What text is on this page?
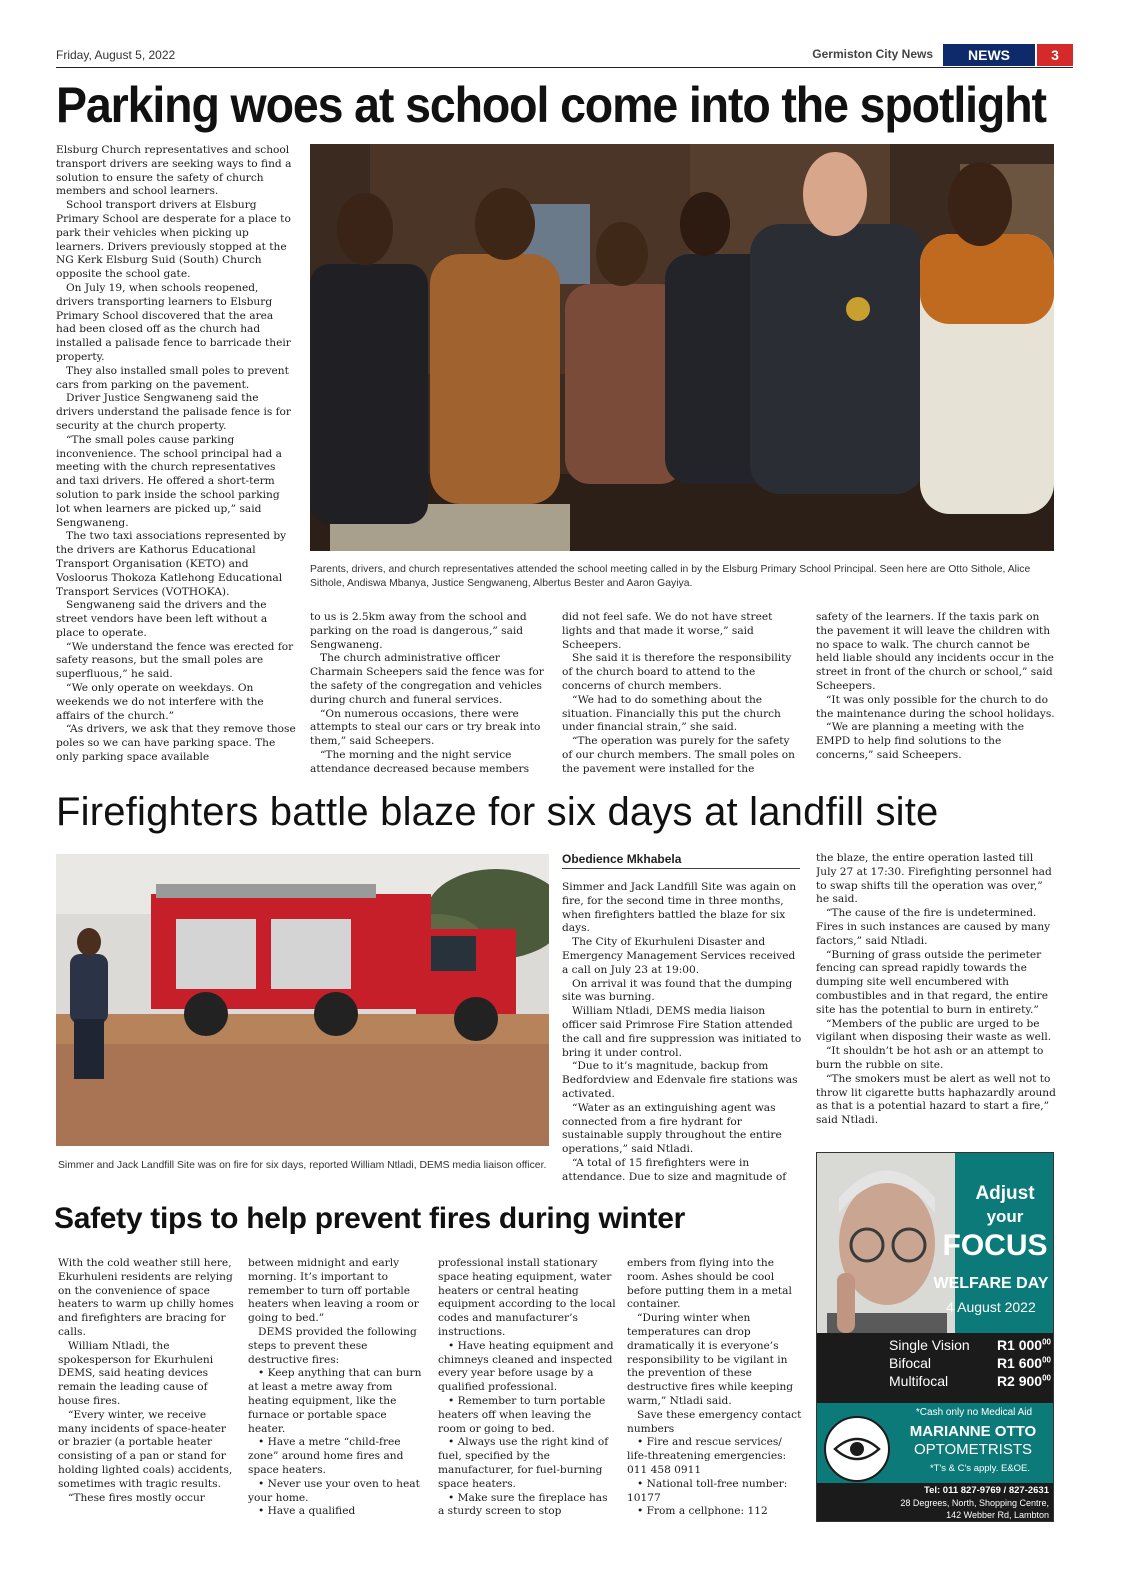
Friday, August 5, 2022	Germiston City News	NEWS	3
Parking woes at school come into the spotlight

Elsburg Church representatives and school transport drivers are seeking ways to find a solution to ensure the safety of church members and school learners.

School transport drivers at Elsburg Primary School are desperate for a place to park their vehicles when picking up learners. Drivers previously stopped at the NG Kerk Elsburg Suid (South) Church opposite the school gate.

On July 19, when schools reopened, drivers transporting learners to Elsburg Primary School discovered that the area had been closed off as the church had installed a palisade fence to barricade their property.

They also installed small poles to prevent cars from parking on the pavement.

Driver Justice Sengwaneng said the drivers understand the palisade fence is for security at the church property.

“The small poles cause parking inconvenience. The school principal had a meeting with the church representatives and taxi drivers. He offered a short-term solution to park inside the school parking lot when learners are picked up,” said Sengwaneng.

The two taxi associations represented by the drivers are Kathorus Educational Transport Organisation (KETO) and Vosloorus Thokoza Katlehong Educational Transport Services (VOTHOKA).

Sengwaneng said the drivers and the street vendors have been left without a place to operate.

“We understand the fence was erected for safety reasons, but the small poles are superfluous,” he said.

“We only operate on weekdays. On weekends we do not interfere with the affairs of the church.”

“As drivers, we ask that they remove those poles so we can have parking space. The only parking space available

Parents, drivers, and church representatives attended the school meeting called in by the Elsburg Primary School Principal. Seen here are Otto Sithole, Alice Sithole, Andiswa Mbanya, Justice Sengwaneng, Albertus Bester and Aaron Gayiya.

to us is 2.5km away from the school and parking on the road is dangerous,” said Sengwaneng.

The church administrative officer Charmain Scheepers said the fence was for the safety of the congregation and vehicles during church and funeral services.

“On numerous occasions, there were attempts to steal our cars or try break into them,” said Scheepers.

“The morning and the night service attendance decreased because members

did not feel safe. We do not have street lights and that made it worse,” said Scheepers.

She said it is therefore the responsibility of the church board to attend to the concerns of church members.

“We had to do something about the situation. Financially this put the church under financial strain,” she said.

“The operation was purely for the safety of our church members. The small poles on the pavement were installed for the

safety of the learners. If the taxis park on the pavement it will leave the children with no space to walk. The church cannot be held liable should any incidents occur in the street in front of the church or school,” said Scheepers.

“It was only possible for the church to do the maintenance during the school holidays.

“We are planning a meeting with the EMPD to help find solutions to the concerns,” said Scheepers.

Firefighters battle blaze for six days at landfill site
Simmer and Jack Landfill Site was on fire for six days, reported William Ntladi, DEMS media liaison officer.
Obedience Mkhabela

Simmer and Jack Landfill Site was again on fire, for the second time in three months, when firefighters battled the blaze for six days.

The City of Ekurhuleni Disaster and Emergency Management Services received a call on July 23 at 19:00.

On arrival it was found that the dumping site was burning.

William Ntladi, DEMS media liaison officer said Primrose Fire Station attended the call and fire suppression was initiated to bring it under control.

“Due to it’s magnitude, backup from Bedfordview and Edenvale fire stations was activated.

“Water as an extinguishing agent was connected from a fire hydrant for sustainable supply throughout the entire operations,” said Ntladi.

“A total of 15 firefighters were in attendance. Due to size and magnitude of

the blaze, the entire operation lasted till July 27 at 17:30. Firefighting personnel had to swap shifts till the operation was over,” he said.

“The cause of the fire is undetermined. Fires in such instances are caused by many factors,” said Ntladi.

“Burning of grass outside the perimeter fencing can spread rapidly towards the dumping site well encumbered with combustibles and in that regard, the entire site has the potential to burn in entirety.”

“Members of the public are urged to be vigilant when disposing their waste as well.

“It shouldn’t be hot ash or an attempt to burn the rubble on site.

“The smokers must be alert as well not to throw lit cigarette butts haphazardly around as that is a potential hazard to start a fire,” said Ntladi.

Safety tips to help prevent fires during winter

With the cold weather still here, Ekurhuleni residents are relying on the convenience of space heaters to warm up chilly homes and firefighters are bracing for calls.

William Ntladi, the spokesperson for Ekurhuleni DEMS, said heating devices remain the leading cause of house fires.

“Every winter, we receive many incidents of space-heater or brazier (a portable heater consisting of a pan or stand for holding lighted coals) accidents, sometimes with tragic results.

“These fires mostly occur

between midnight and early morning. It’s important to remember to turn off portable heaters when leaving a room or going to bed.”

DEMS provided the following steps to prevent these destructive fires:

• Keep anything that can burn at least a metre away from heating equipment, like the furnace or portable space heater.

• Have a metre “child-free zone” around home fires and space heaters.

• Never use your oven to heat your home.

• Have a qualified

professional install stationary space heating equipment, water heaters or central heating equipment according to the local codes and manufacturer’s instructions.

• Have heating equipment and chimneys cleaned and inspected every year before usage by a qualified professional.

• Remember to turn portable heaters off when leaving the room or going to bed.

• Always use the right kind of fuel, specified by the manufacturer, for fuel-burning space heaters.

• Make sure the fireplace has a sturdy screen to stop

embers from flying into the room. Ashes should be cool before putting them in a metal container.

“During winter when temperatures can drop dramatically it is everyone’s responsibility to be vigilant in the prevention of these destructive fires while keeping warm,” Ntladi said.

Save these emergency contact numbers

• Fire and rescue services/ life-threatening emergencies: 011 458 0911

• National toll-free number: 10177

• From a cellphone: 112

Adjust
your
FOCUS
WELFARE DAY
4 August 2022
Single Vision R1 $000^{00}$
Bifocal	R1 $600^{00}$
Multifocal	R2 $900^{00}$
*Cash only no Medical Aid
MARIANNE OTTO
OPTOMETRISTS
*T's & C's apply. E&OE.
Tel: 011 827-9769 / 827-2631
28 Degrees, North, Shopping Centre,
142 Webber Rd, Lambton
